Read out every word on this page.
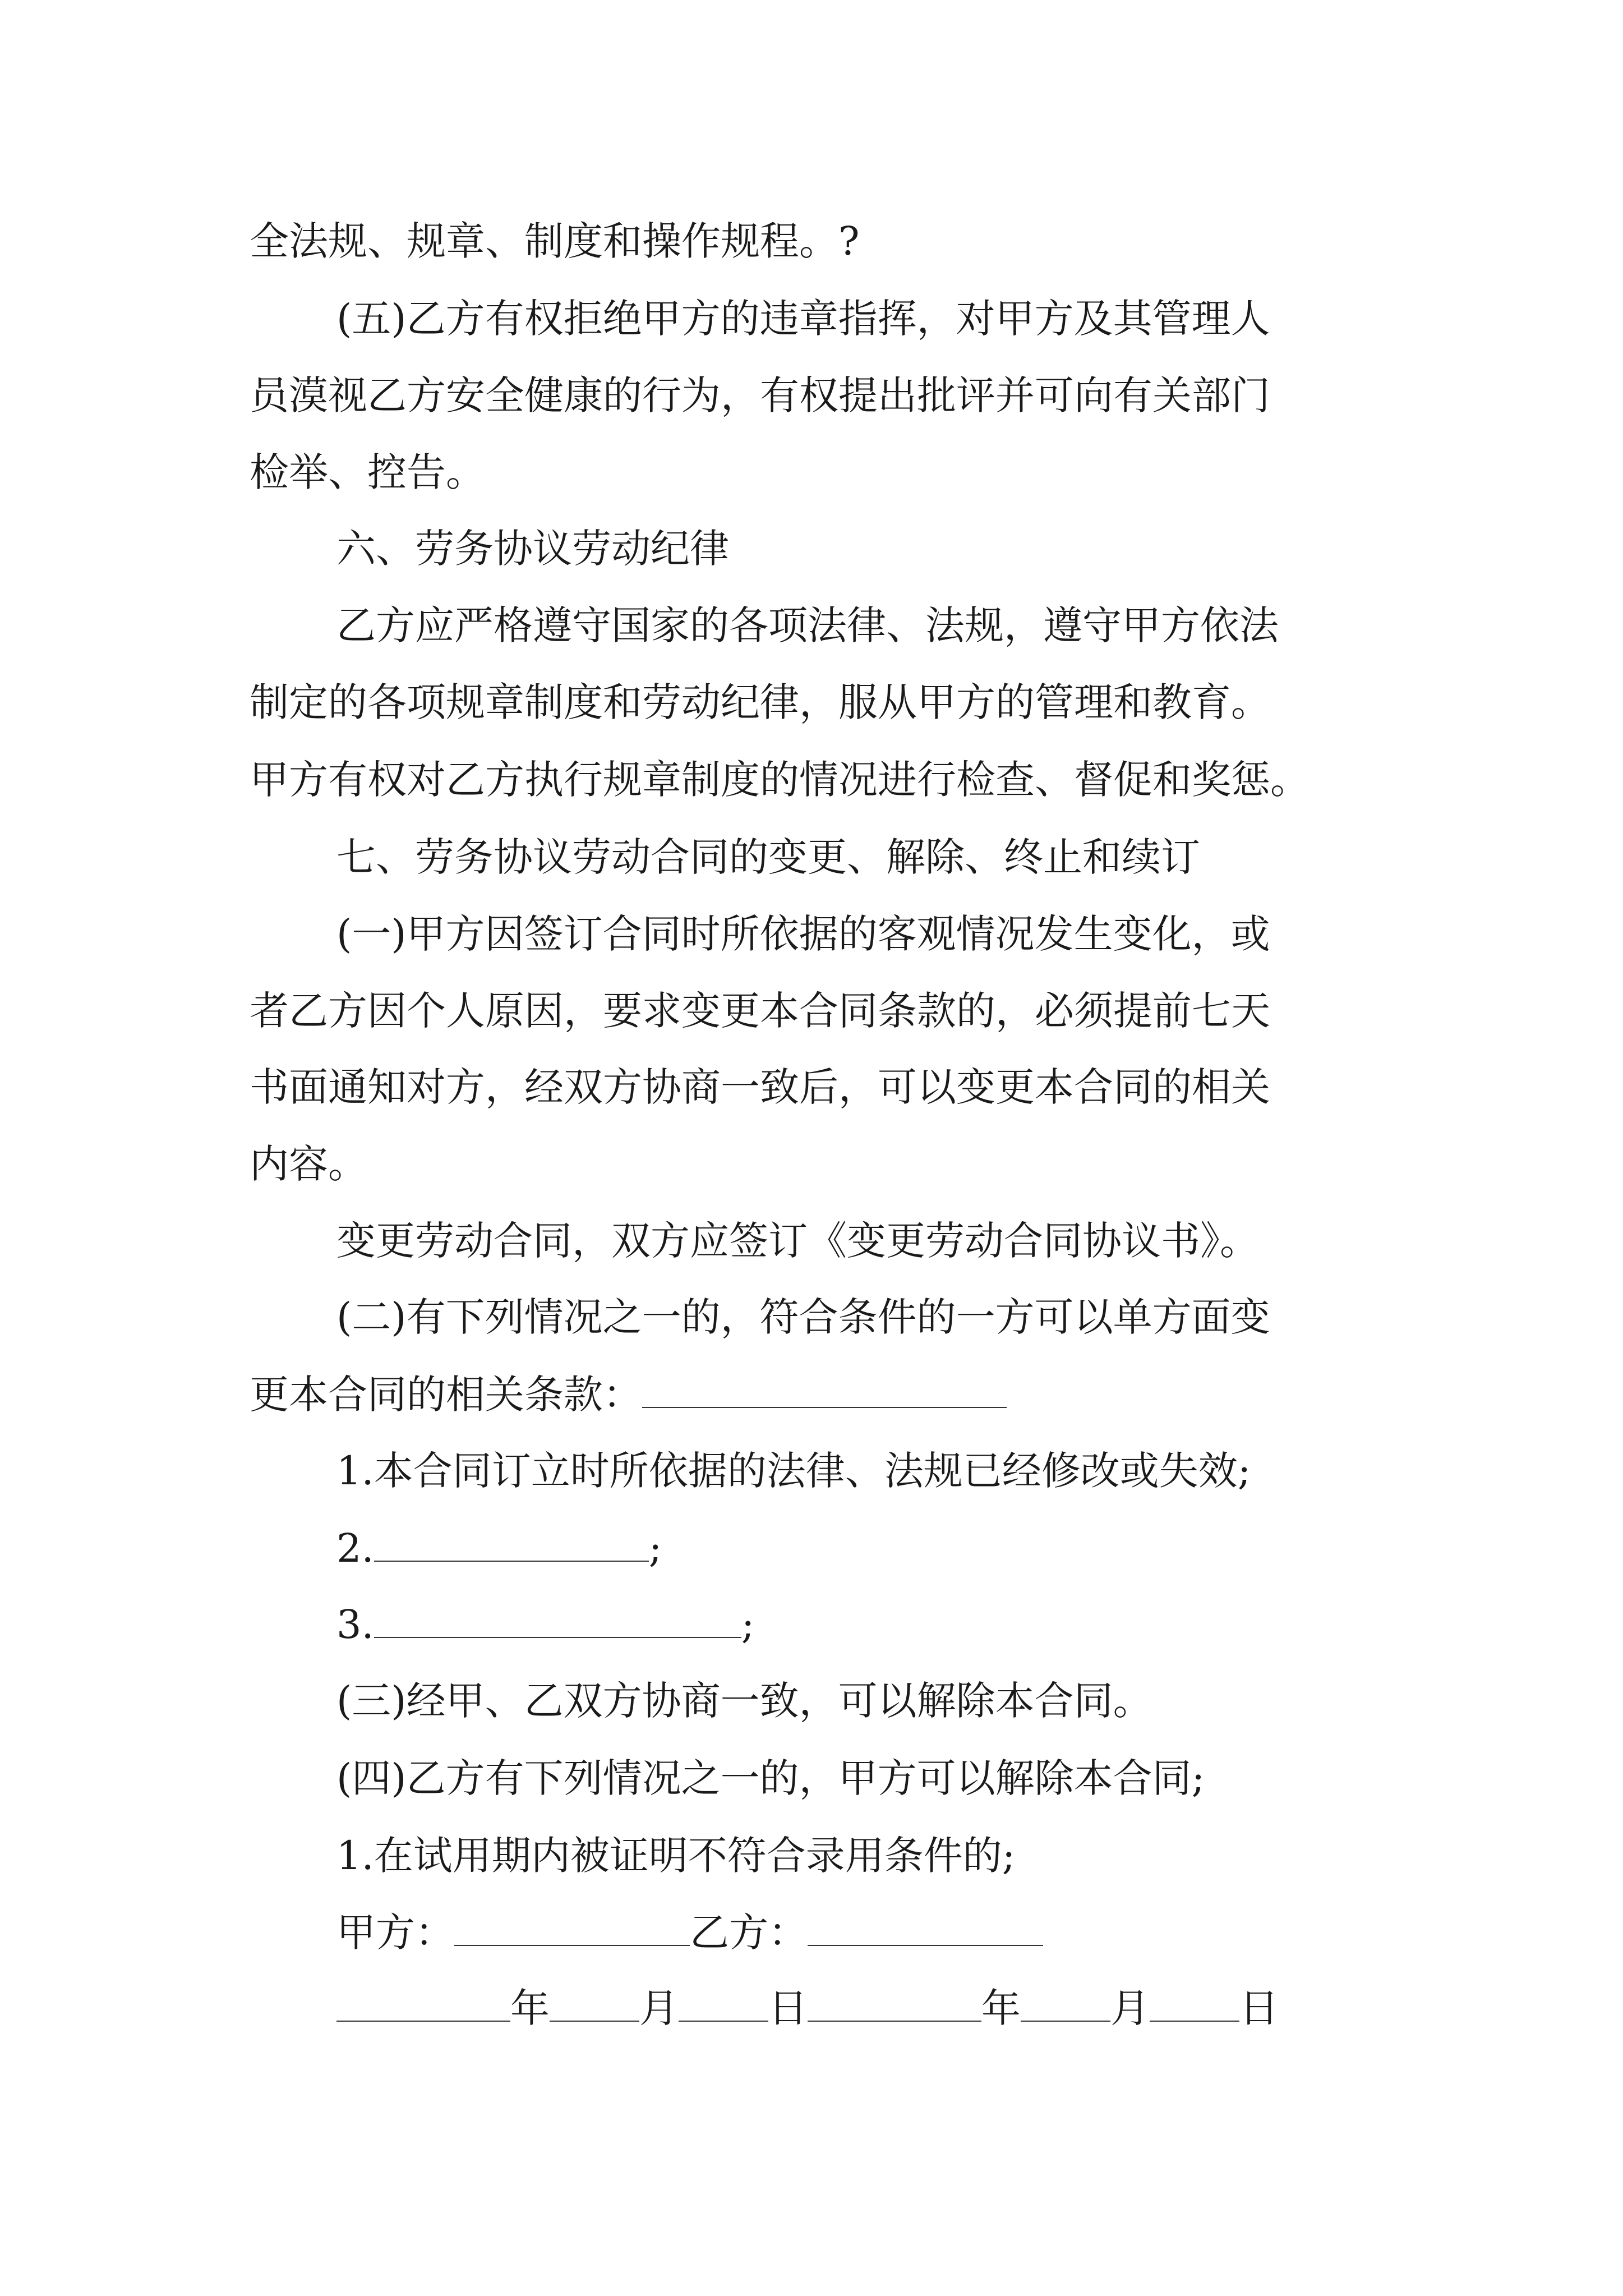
全法规、规章、制度和操作规程。?
(五)乙方有权拒绝甲方的违章指挥，对甲方及其管理人
员漠视乙方安全健康的行为，有权提出批评并可向有关部门
检举、控告。
六、劳务协议劳动纪律
乙方应严格遵守国家的各项法律、法规，遵守甲方依法
制定的各项规章制度和劳动纪律，服从甲方的管理和教育。
甲方有权对乙方执行规章制度的情况进行检查、督促和奖惩。
七、劳务协议劳动合同的变更、解除、终止和续订
(一)甲方因签订合同时所依据的客观情况发生变化，或
者乙方因个人原因，要求变更本合同条款的，必须提前七天
书面通知对方，经双方协商一致后，可以变更本合同的相关
内容。
变更劳动合同，双方应签订《变更劳动合同协议书》。
(二)有下列情况之一的，符合条件的一方可以单方面变
更本合同的相关条款：
1.本合同订立时所依据的法律、法规已经修改或失效;
2.	;
3.	;
(三)经甲、乙双方协商一致，可以解除本合同。
(四)乙方有下列情况之一的，甲方可以解除本合同;
1.在试用期内被证明不符合录用条件的;
甲方：	乙方：
年 月 日	年 月 日
